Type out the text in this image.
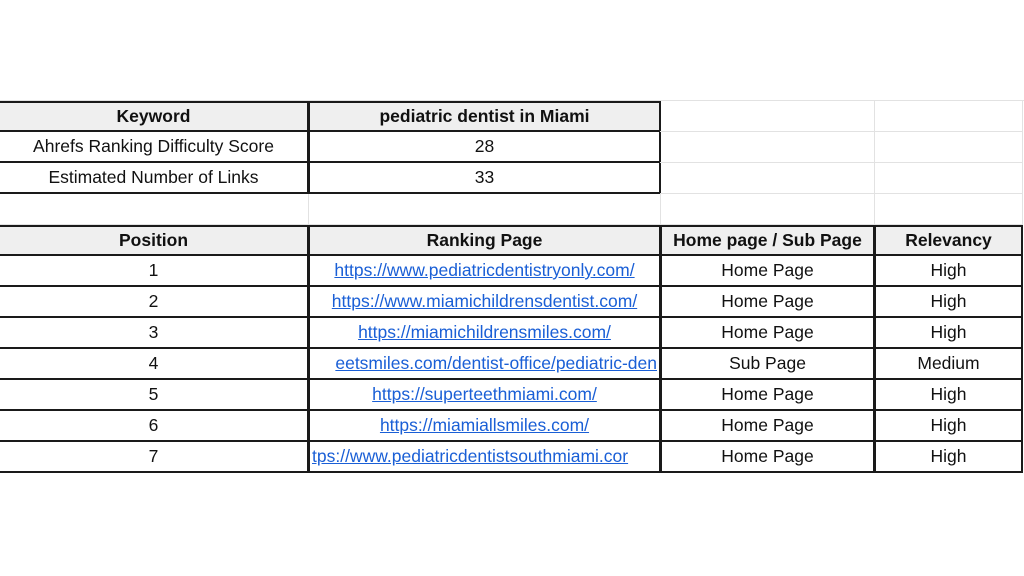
Keyword	pediatric dentist in Miami
Ahrefs Ranking Difficulty Score	28
Estimated Number of Links	33
Position	Ranking Page	Home page / Sub Page	Relevancy
1	https://www.pediatricdentistryonly.com/	Home Page	High
2	https://www.miamichildrensdentist.com/	Home Page	High
3	https://miamichildrensmiles.com/	Home Page	High
4	eetsmiles.com/dentist-office/pediatric-den	Sub Page	Medium
5	https://superteethmiami.com/	Home Page	High
6	https://miamiallsmiles.com/	Home Page	High
7	tps://www.pediatricdentistsouthmiami.cor	Home Page	High
